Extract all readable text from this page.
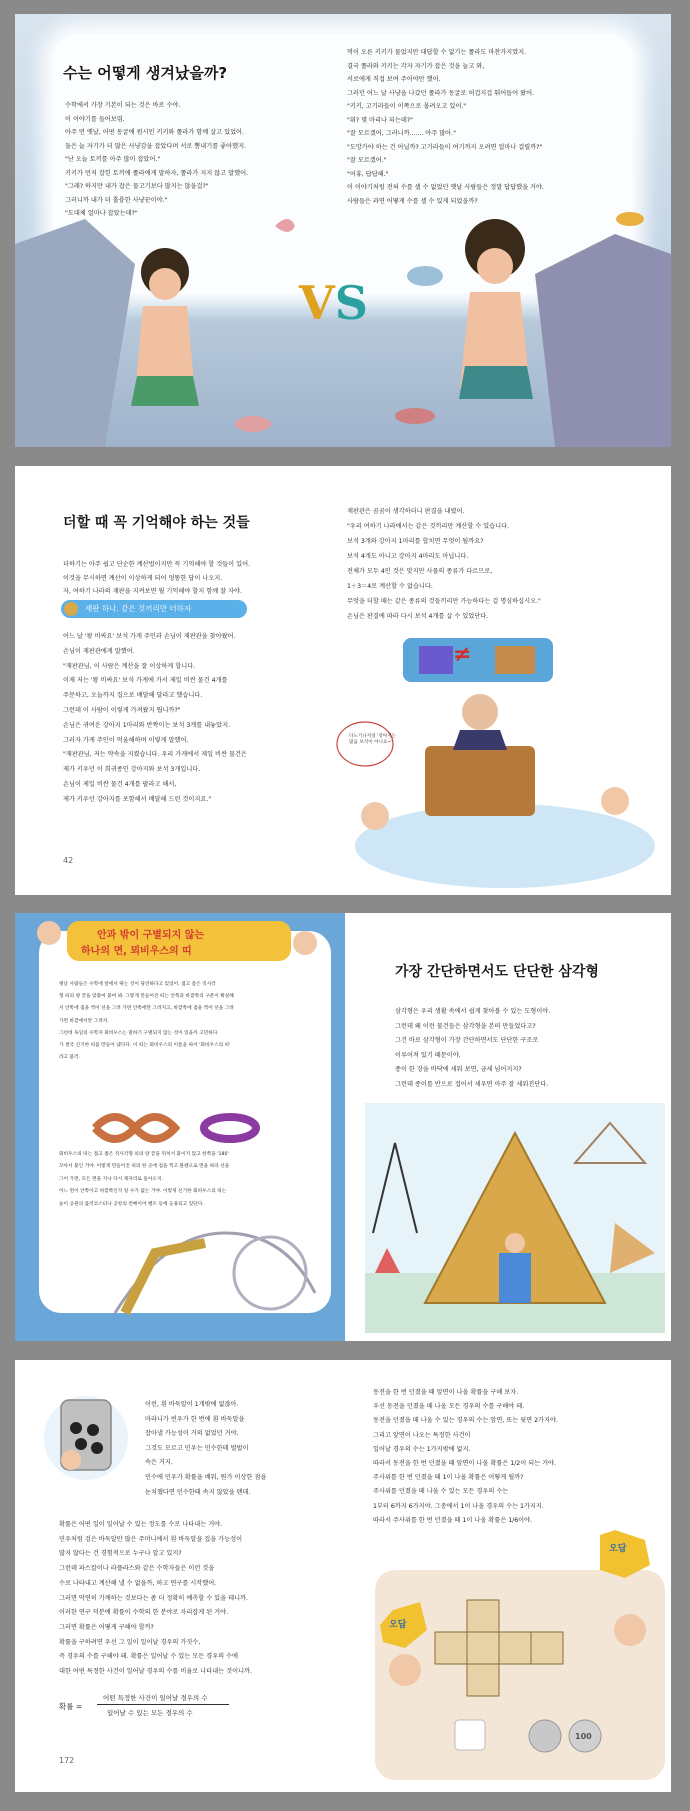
수는 어떻게 생겨났을까?

수학에서 가장 기본이 되는 것은 바로 수야.

이 이야기를 들어보렴.

아주 먼 옛날, 어떤 동굴에 원시인 키키와 쫄라가 함께 살고 있었어.

둘은 늘 자기가 더 많은 사냥감을 잡았다며 서로 뽐내기를 좋아했지.

"난 오늘 토끼를 아주 많이 잡았어."

키키가 먼저 잡힌 토끼에 쫄라에게 말하자, 쫄라가 지지 않고 말했어.

"그래? 하지만 내가 잡은 물고기보다 많지는 않을걸?"

그러니까 내가 더 훌륭한 사냥꾼이야."

"도대체 얼마나 잡았는데?"

먹이 오른 키키가 물었지만 대답할 수 없기는 쫄라도 마찬가지였지.

결국 쫄라와 키키는 각자 자기가 잡은 것을 늘고 와,

서로에게 직접 보여 주어야만 했어.

그러던 어느 날 사냥을 나갔던 쫄라가 동굴로 허겁지겁 뛰어들어 왔어.

"키키, 고기라들이 이쪽으로 몰려오고 있어."

"뭐? 몇 마리나 되는데?"

"잘 모르겠어, 그러니까....... 아주 많아."

"도망가야 하는 건 아닐까? 고기라들이 여기까지 오려면 얼마나 걸릴까?"

"잘 모르겠어."

"어휴, 답답해."

이 이야기처럼 전혀 수를 셀 수 없었던 옛날 사람들은 정말 답답했을 거야.

사람들은 과연 어떻게 수를 셀 수 있게 되었을까?

VS
더할 때 꼭 기억해야 하는 것들

더하기는 아주 쉽고 단순한 계산법이지만 꼭 기억해야 할 것들이 있어.

이것을 무시하면 계산이 이상하게 되어 엉뚱한 답이 나오지.

자, 여하기 나라의 재판을 지켜보면 뭘 기억해야 할지 함께 잘 자야.

재판 하나. 같은 것끼리만 더하자

어느 날 '왕 비싸요' 보석 가게 주인과 손님이 재판관을 찾아왔어.

손님이 재판관에게 말했어.

"재판관님, 이 사람은 계산을 잘 이상하게 합니다.

이제 저는 '왕 비싸요' 보석 가게에 가서 제일 비싼 물건 4개를

주문하고, 오늘까지 집으로 배달해 달라고 했습니다.

그런데 이 사람이 이렇게 가져왔지 뭡니까?"

손님은 귀여운 강아지 1마리와 반짝이는 보석 3개를 내놓았지.

그러자 가게 주인이 억울해하며 이렇게 말했어.

"재판관님, 저는 약속을 지켰습니다. 우리 가게에서 제일 비싼 물건은

제가 키우던 이 희귀종인 강아지와 보석 3개입니다.

손님이 제일 비싼 물건 4개를 팔라고 해서,

제가 키우던 강아지를 포함해서 배달해 드린 것이지요."

재판관은 곰곰이 생각하더니 판결을 내렸어.

"우리 여하기 나라에서는 같은 것끼리만 계산할 수 있습니다.

보석 3개와 강아지 1마리를 합치면 무엇이 될까요?

보석 4개도 아니고 강아지 4마리도 아닙니다.

전체가 모두 4인 것은 맞지만 사물의 종류가 다르므로,

1＋3＝4로 계산할 수 없습니다.

무엇을 더할 때는 같은 종류의 것들끼리만 가능하다는 걸 명심하십시오."

손님은 판결에 따라 다시 보석 4개를 살 수 있었단다.

≠
다노기나지얼 '강아지는 많음 보석이 아니요~'
42
안과 밖이 구별되지 않는
하나의 면, 뫼비우스의 띠

옛날 사람들은 수학에 앞에서 뛰는 것이 당연하다고 있었어. 접고 좀은 직사각

형 띠의 양 끝을 맞붙여 붙여 봐. 그렇게 만들어진 띠는 안쪽과 바깥쪽의 구분이 확실해

서 안쪽에 점을 찍어 선을 그려 가면 안쪽에만 그려지고, 바깥쪽에 점을 찍어 선을 그려

가면 바깥에서만 그려져.

그런데 독일의 수학자 뫼비우스는 말하기 구별되지 않는 것이 있을까 고민하다

가 결국 신기한 띠를 만들어 냈다다. 이 띠는 뫼비우스의 이름을 따서 '뫼비우스의 띠'

라고 불러.

뫼비우스의 띠는 접고 좁은 직사각형 띠의 양 끝을 뒤쳐서 붙이지 않고 한쪽을 '180'

꼬아서 붙인 거야. 이렇게 만들어진 띠의 한 곳에 점을 찍고 볼펜으로 면을 따라 선을

그어 가면, 모든 면을 지나 다시 제자리로 돌아오지.

어느 면이 안쪽이고 바깥쪽인지 알 수가 없는 거야. 이렇게 신기한 뫼비우스의 띠는

놀이 공원의 롤러코스터나 공항의 컨베이어 벨트 등에 응용되고 있단다.

가장 간단하면서도 단단한 삼각형

삼각형은 우리 생활 속에서 쉽게 찾아볼 수 있는 도형이야.

그런데 왜 이런 물건들은 삼각형을 본떠 만들었다고?

그건 바로 삼각형이 가장 간단하면서도 단단한 구조로

이루어져 있기 때문이야.

종이 한 장을 바닥에 세워 보면, 금세 넘어지지?

그런데 종이를 반으로 접어서 세우면 아주 잘 세워진단다.

이런, 흰 바둑알이 1개밖에 없잖아.

마라니가 빈우가 한 번에 흰 바둑알을

잡아낼 가능성이 거의 없었던 거야.

그것도 모르고 민우는 민수한테 벌벌이

속은 거지.

민수에 민우가 확률을 배워, 뭔가 이상한 점을

눈치챘다면 민수한테 속지 않았을 텐데.

확률은 어떤 일이 일어날 수 있는 정도를 수로 나타내는 거야.

민우처럼 검은 바둑알만 많은 주머니에서 흰 바둑알을 집을 가능성이

많지 않다는 건 경험적으로 누구나 알고 있지?

그런데 파스칼이나 라플라스와 같은 수학자들은 이런 것을

수로 나타내고 계산해 낼 수 없을까, 하고 연구를 시작했어.

그러면 막연히 가깨하는 것보다는 좀 더 정확히 예측할 수 있을 테니까.

이러한 연구 덕분에 확률이 수학의 한 분야로 자리잡게 된 거야.

그러면 확률은 어떻게 구해야 할까?

확률을 구하려면 우선 그 일이 일어날 경우의 가짓수,

즉 경우의 수를 구해야 돼. 확률은 일어날 수 있는 모든 경우의 수에

대한 어떤 특정한 사건이 일어날 경우의 수를 비율로 나타내는 것이니까.

확률 =
어떤 특정한 사건이 일어날 경우의 수
일어날 수 있는 모든 경우의 수
172

동전을 한 번 던졌을 때 앞면이 나올 확률을 구해 보자.

우선 동전을 던졌을 때 나올 모든 경우의 수를 구해야 돼.

동전을 던졌을 때 나올 수 있는 경우의 수는 앞면, 또는 뒷면 2가지야.

그리고 앞면이 나오는 특정한 사건이

일어날 경우의 수는 1가지밖에 없지.

따라서 동전을 한 번 던졌을 때 앞면이 나올 확률은 1/2이 되는 거야.

주사위를 한 번 던졌을 때 1이 나올 확률은 어떻게 될까?

주사위를 던졌을 때 나올 수 있는 모든 경우의 수는

1부터 6까지 6가지야. 그중에서 1이 나올 경우의 수는 1가지지.

따라서 주사위를 한 번 던졌을 때 1이 나올 확률은 1/6이야.

오답
오답
100
